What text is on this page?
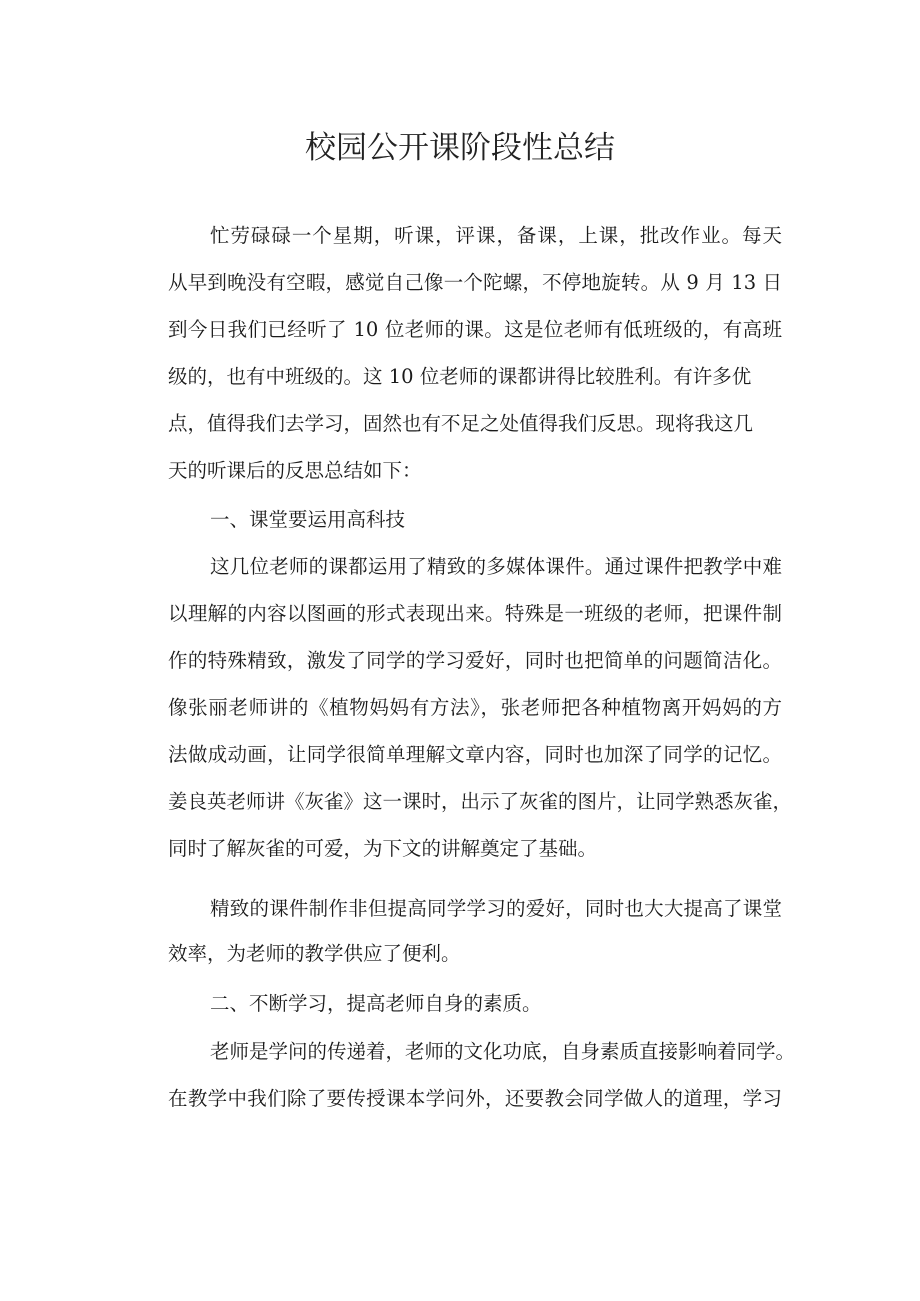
校园公开课阶段性总结
忙劳碌碌一个星期，听课，评课，备课，上课，批改作业。每天
从早到晚没有空暇，感觉自己像一个陀螺，不停地旋转。从 9 月 13 日
到今日我们已经听了 10 位老师的课。这是位老师有低班级的，有高班
级的，也有中班级的。这 10 位老师的课都讲得比较胜利。有许多优
点，值得我们去学习，固然也有不足之处值得我们反思。现将我这几
天的听课后的反思总结如下：
一、课堂要运用高科技
这几位老师的课都运用了精致的多媒体课件。通过课件把教学中难
以理解的内容以图画的形式表现出来。特殊是一班级的老师，把课件制
作的特殊精致，激发了同学的学习爱好，同时也把简单的问题简洁化。
像张丽老师讲的《植物妈妈有方法》，张老师把各种植物离开妈妈的方
法做成动画，让同学很简单理解文章内容，同时也加深了同学的记忆。
姜良英老师讲《灰雀》这一课时，出示了灰雀的图片，让同学熟悉灰雀，
同时了解灰雀的可爱，为下文的讲解奠定了基础。
精致的课件制作非但提高同学学习的爱好，同时也大大提高了课堂
效率，为老师的教学供应了便利。
二、不断学习，提高老师自身的素质。
老师是学问的传递着，老师的文化功底，自身素质直接影响着同学。
在教学中我们除了要传授课本学问外，还要教会同学做人的道理，学习
